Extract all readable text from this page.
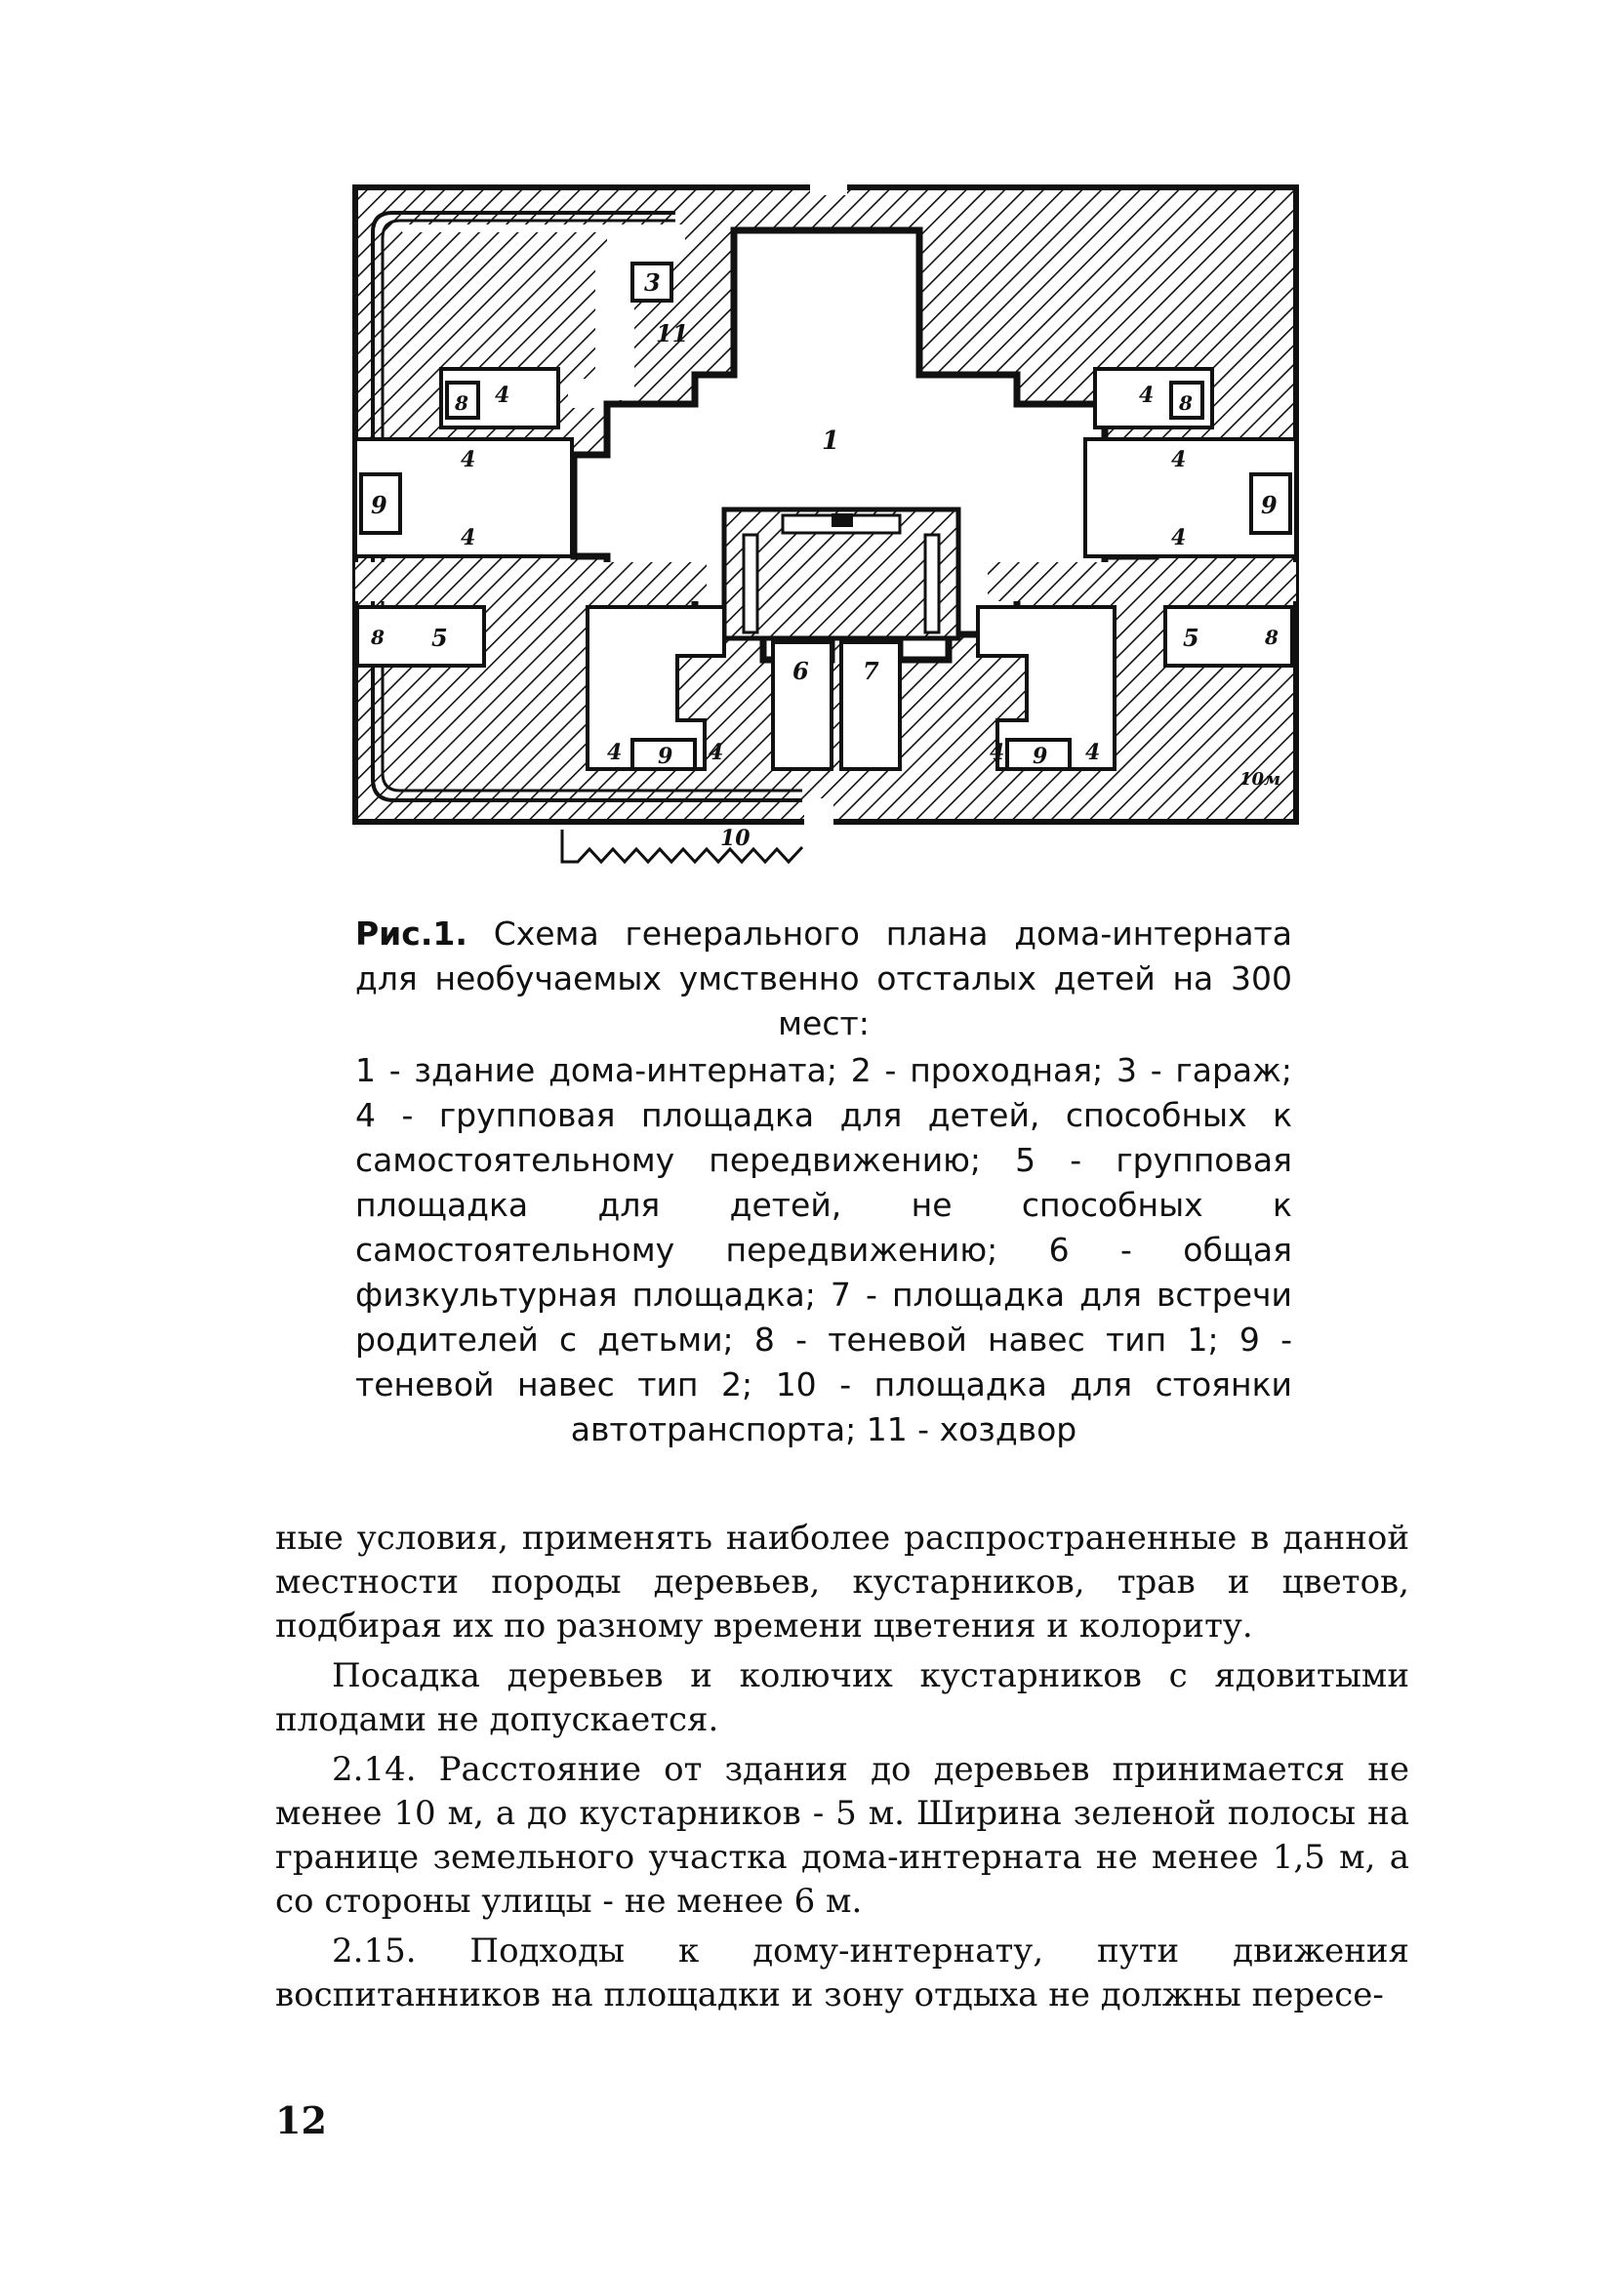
1
3
11
4	4
4
4
4
4
4	4	4	4
5	5
6 7
8	8
8	8
9	9
9	9
10
10м
Рис.1. Схема генерального плана дома-интерната для необучаемых умственно отсталых детей на 300 мест:
1 - здание дома-интерната; 2 - проходная; 3 - гараж; 4 - групповая площадка для детей, способных к самостоятельному передвижению; 5 - групповая площадка для детей, не способных к самостоятельному передвижению; 6 - общая физкультурная площадка; 7 - площадка для встречи родителей с детьми; 8 - теневой навес тип 1; 9 - теневой навес тип 2; 10 - площадка для стоянки автотранспорта; 11 - хоздвор

ные условия, применять наиболее распространенные в данной местности породы деревьев, кустарников, трав и цветов, подбирая их по разному времени цветения и колориту.

Посадка деревьев и колючих кустарников с ядовитыми плодами не допускается.

2.14. Расстояние от здания до деревьев принимается не менее 10 м, а до кустарников - 5 м. Ширина зеленой полосы на границе земельного участка дома-интерната не менее 1,5 м, а со стороны улицы - не менее 6 м.

2.15. Подходы к дому-интернату, пути движения воспитанников на площадки и зону отдыха не должны пересе-

12
